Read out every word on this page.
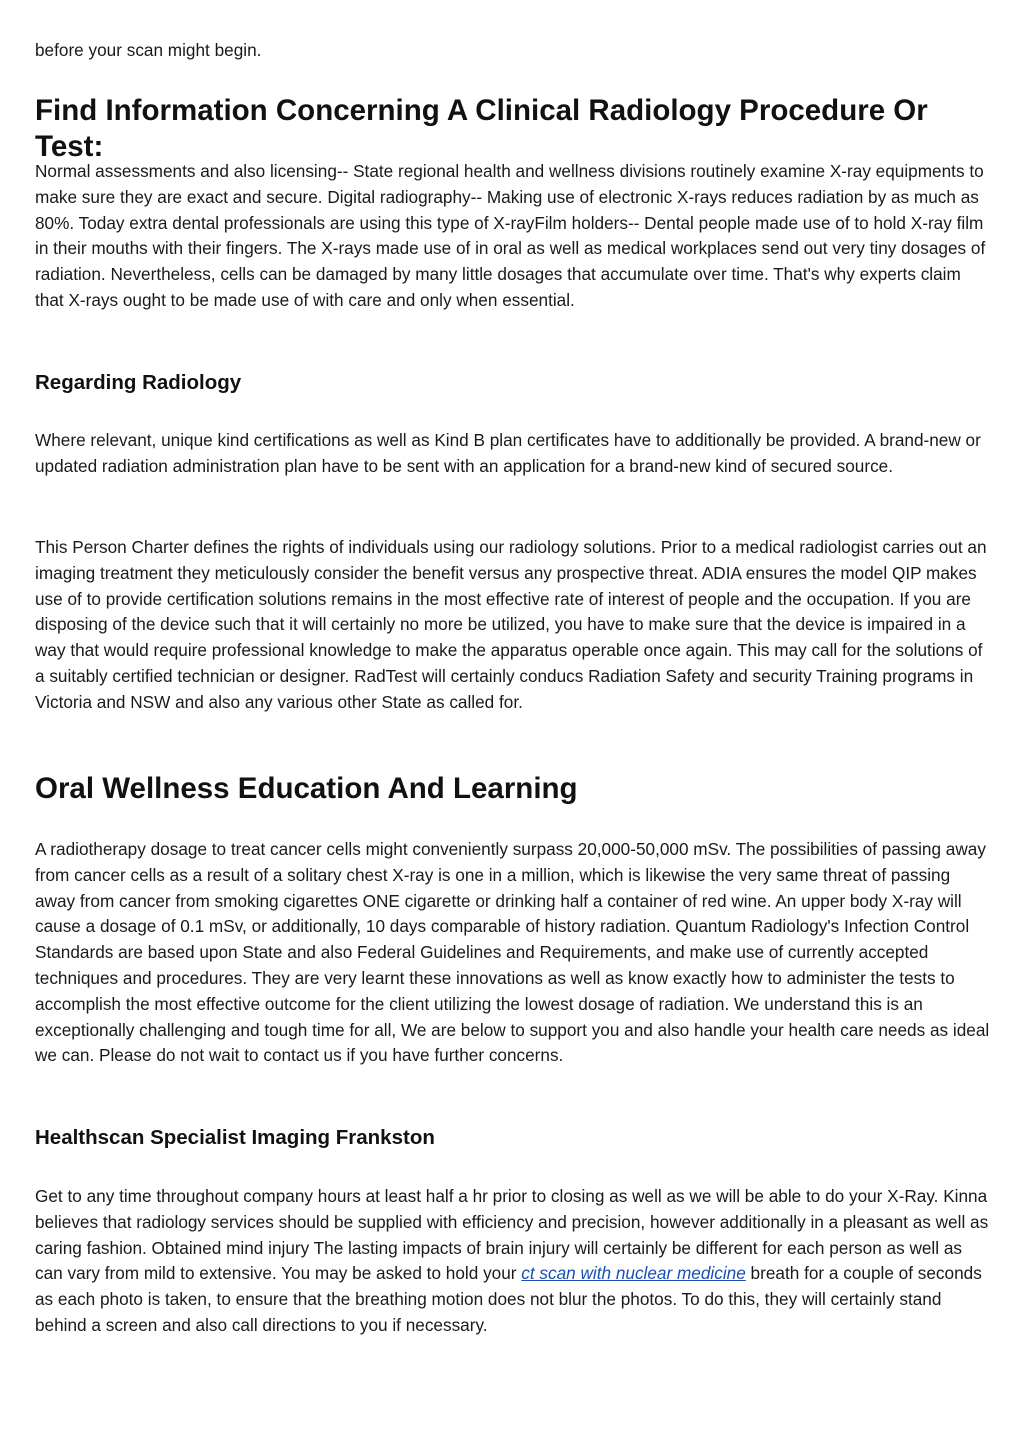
before your scan might begin.

Find Information Concerning A Clinical Radiology Procedure Or Test:

Normal assessments and also licensing-- State regional health and wellness divisions routinely examine X-ray equipments to make sure they are exact and secure. Digital radiography-- Making use of electronic X-rays reduces radiation by as much as 80%. Today extra dental professionals are using this type of X-rayFilm holders-- Dental people made use of to hold X-ray film in their mouths with their fingers. The X-rays made use of in oral as well as medical workplaces send out very tiny dosages of radiation. Nevertheless, cells can be damaged by many little dosages that accumulate over time. That's why experts claim that X-rays ought to be made use of with care and only when essential.

Regarding Radiology

Where relevant, unique kind certifications as well as Kind B plan certificates have to additionally be provided. A brand-new or updated radiation administration plan have to be sent with an application for a brand-new kind of secured source.

This Person Charter defines the rights of individuals using our radiology solutions. Prior to a medical radiologist carries out an imaging treatment they meticulously consider the benefit versus any prospective threat. ADIA ensures the model QIP makes use of to provide certification solutions remains in the most effective rate of interest of people and the occupation. If you are disposing of the device such that it will certainly no more be utilized, you have to make sure that the device is impaired in a way that would require professional knowledge to make the apparatus operable once again. This may call for the solutions of a suitably certified technician or designer. RadTest will certainly conducs Radiation Safety and security Training programs in Victoria and NSW and also any various other State as called for.

Oral Wellness Education And Learning

A radiotherapy dosage to treat cancer cells might conveniently surpass 20,000-50,000 mSv. The possibilities of passing away from cancer cells as a result of a solitary chest X-ray is one in a million, which is likewise the very same threat of passing away from cancer from smoking cigarettes ONE cigarette or drinking half a container of red wine. An upper body X-ray will cause a dosage of 0.1 mSv, or additionally, 10 days comparable of history radiation. Quantum Radiology's Infection Control Standards are based upon State and also Federal Guidelines and Requirements, and make use of currently accepted techniques and procedures. They are very learnt these innovations as well as know exactly how to administer the tests to accomplish the most effective outcome for the client utilizing the lowest dosage of radiation. We understand this is an exceptionally challenging and tough time for all, We are below to support you and also handle your health care needs as ideal we can. Please do not wait to contact us if you have further concerns.

Healthscan Specialist Imaging Frankston

Get to any time throughout company hours at least half a hr prior to closing as well as we will be able to do your X-Ray. Kinna believes that radiology services should be supplied with efficiency and precision, however additionally in a pleasant as well as caring fashion. Obtained mind injury The lasting impacts of brain injury will certainly be different for each person as well as can vary from mild to extensive. You may be asked to hold your ct scan with nuclear medicine breath for a couple of seconds as each photo is taken, to ensure that the breathing motion does not blur the photos. To do this, they will certainly stand behind a screen and also call directions to you if necessary.
